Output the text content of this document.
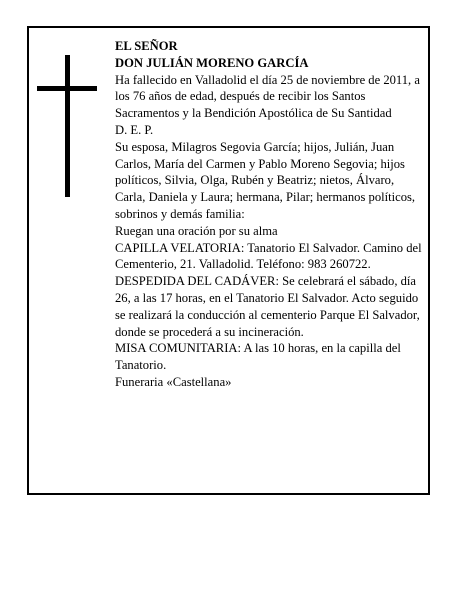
EL SEÑOR

DON JULIÁN MORENO GARCÍA

Ha fallecido en Valladolid el día 25 de noviembre de 2011, a los 76 años de edad, después de recibir los Santos Sacramentos y la Bendición Apostólica de Su Santidad

D. E. P.

Su esposa, Milagros Segovia García; hijos, Julián, Juan Carlos, María del Carmen y Pablo Moreno Segovia; hijos políticos, Silvia, Olga, Rubén y Beatriz; nietos, Álvaro, Carla, Daniela y Laura; hermana, Pilar; hermanos políticos, sobrinos y demás familia:

Ruegan una oración por su alma

CAPILLA VELATORIA: Tanatorio El Salvador. Camino del Cementerio, 21. Valladolid. Teléfono: 983 260722.

DESPEDIDA DEL CADÁVER: Se celebrará el sábado, día 26, a las 17 horas, en el Tanatorio El Salvador. Acto seguido se realizará la conducción al cementerio Parque El Salvador, donde se procederá a su incineración.

MISA COMUNITARIA: A las 10 horas, en la capilla del Tanatorio.

Funeraria «Castellana»
